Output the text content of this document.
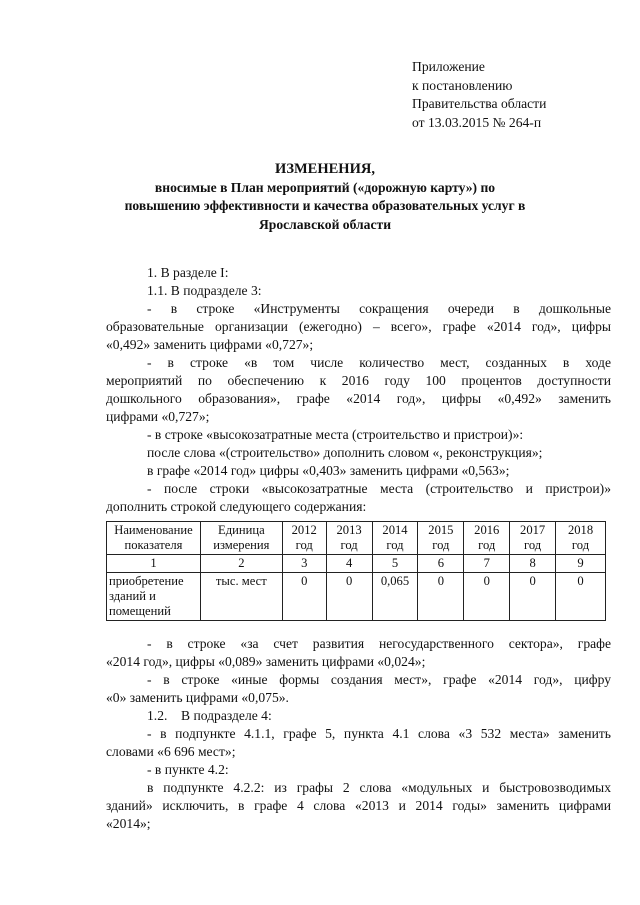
Приложение
к постановлению
Правительства области
от 13.03.2015 № 264-п
ИЗМЕНЕНИЯ,
вносимые в План мероприятий («дорожную карту») по
повышению эффективности и качества образовательных услуг в
Ярославской области
1. В разделе I:
1.1. В подразделе 3:
- в строке «Инструменты сокращения очереди в дошкольные
образовательные организации (ежегодно) – всего», графе «2014 год», цифры
«0,492» заменить цифрами «0,727»;
- в строке «в том числе количество мест, созданных в ходе
мероприятий по обеспечению к 2016 году 100 процентов доступности
дошкольного образования», графе «2014 год», цифры «0,492» заменить
цифрами «0,727»;
- в строке «высокозатратные места (строительство и пристрои)»:
после слова «(строительство» дополнить словом «, реконструкция»;
в графе «2014 год» цифры «0,403» заменить цифрами «0,563»;
- после строки «высокозатратные места (строительство и пристрои)»
дополнить строкой следующего содержания:
Наименование показателя	Единица измерения	2012 год	2013 год	2014 год	2015 год	2016 год	2017 год	2018 год
1	2	3	4	5	6	7	8	9
приобретение зданий и помещений	тыс. мест	0	0	0,065	0	0	0	0
- в строке «за счет развития негосударственного сектора», графе
«2014 год», цифры «0,089» заменить цифрами «0,024»;
- в строке «иные формы создания мест», графе «2014 год», цифру
«0» заменить цифрами «0,075».
1.2.    В подразделе 4:
- в подпункте 4.1.1, графе 5, пункта 4.1 слова «3 532 места» заменить
словами «6 696 мест»;
- в пункте 4.2:
в подпункте 4.2.2: из графы 2 слова «модульных и быстровозводимых
зданий» исключить, в графе 4 слова «2013 и 2014 годы» заменить цифрами
«2014»;
